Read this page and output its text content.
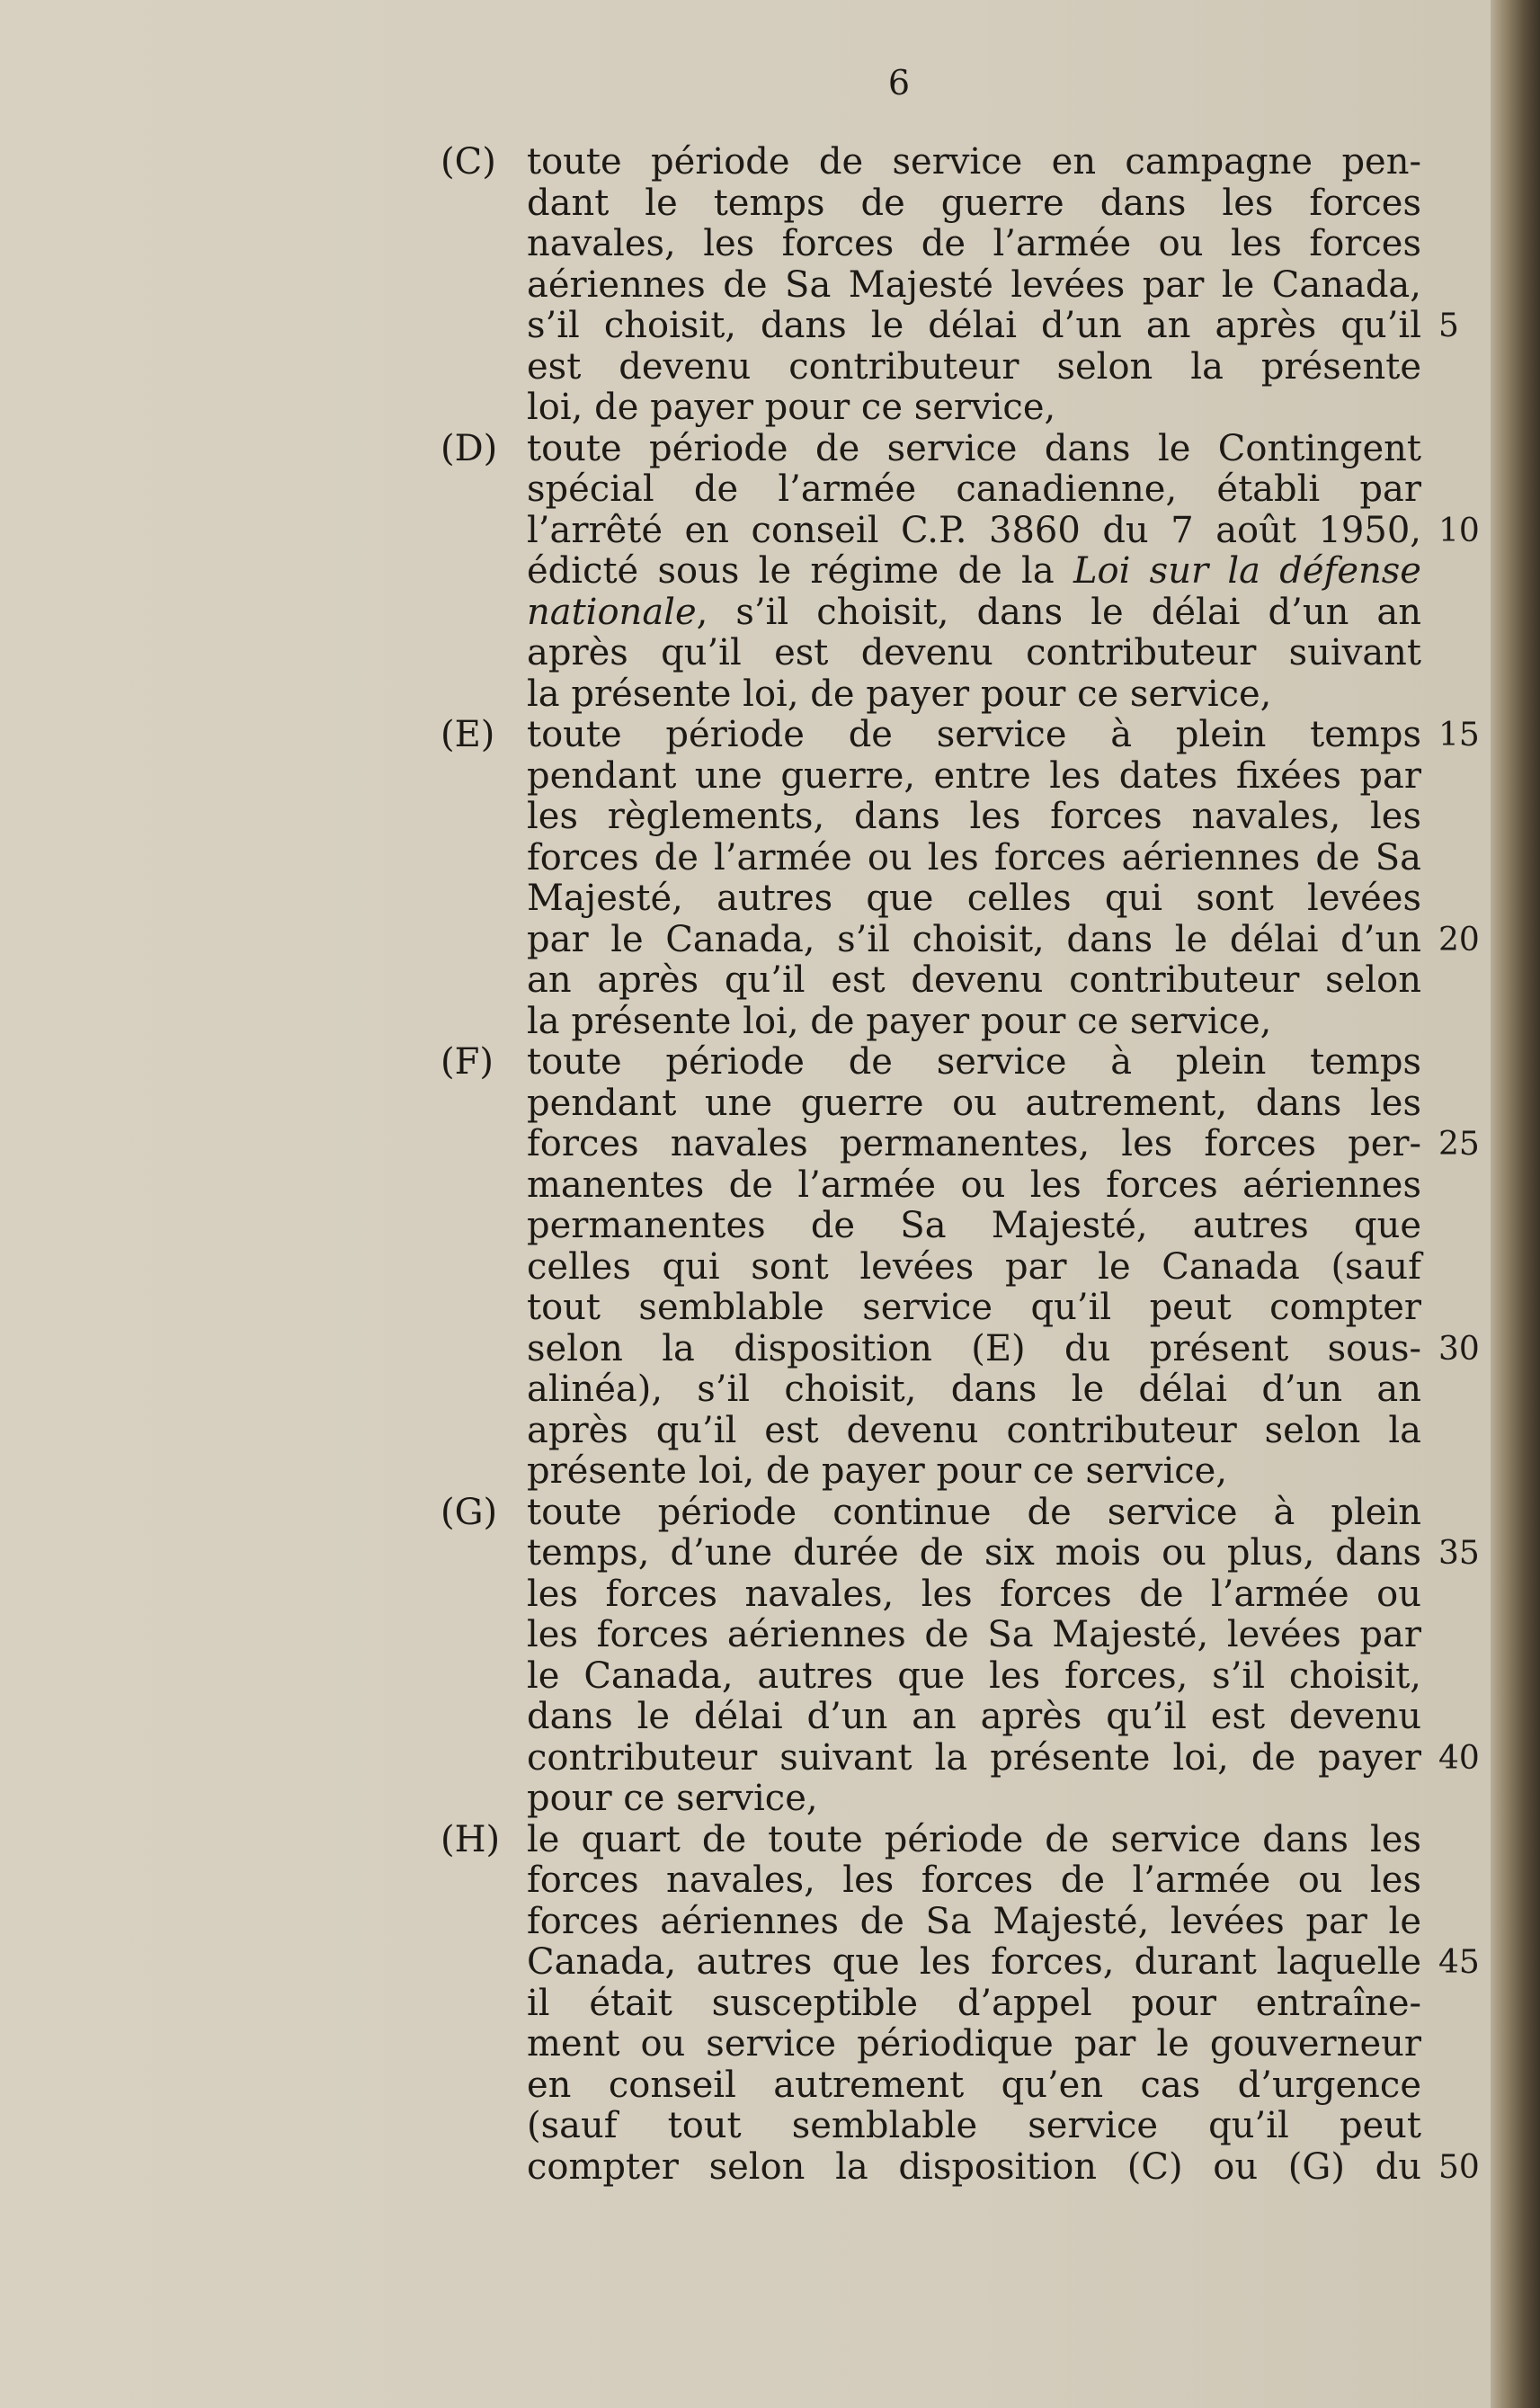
6
(C) toute période de service en campagne pen-
dant le temps de guerre dans les forces
navales, les forces de l’armée ou les forces
aériennes de Sa Majesté levées par le Canada,
s’il choisit, dans le délai d’un an après qu’il 5
est devenu contributeur selon la présente
loi, de payer pour ce service,
(D) toute période de service dans le Contingent
spécial de l’armée canadienne, établi par
l’arrêté en conseil C.P. 3860 du 7 août 1950, 10
édicté sous le régime de la Loi sur la défense
nationale, s’il choisit, dans le délai d’un an
après qu’il est devenu contributeur suivant
la présente loi, de payer pour ce service,
(E) toute période de service à plein temps 15
pendant une guerre, entre les dates fixées par
les règlements, dans les forces navales, les
forces de l’armée ou les forces aériennes de Sa
Majesté, autres que celles qui sont levées
par le Canada, s’il choisit, dans le délai d’un 20
an après qu’il est devenu contributeur selon
la présente loi, de payer pour ce service,
(F) toute période de service à plein temps
pendant une guerre ou autrement, dans les
forces navales permanentes, les forces per- 25
manentes de l’armée ou les forces aériennes
permanentes de Sa Majesté, autres que
celles qui sont levées par le Canada (sauf
tout semblable service qu’il peut compter
selon la disposition (E) du présent sous- 30
alinéa), s’il choisit, dans le délai d’un an
après qu’il est devenu contributeur selon la
présente loi, de payer pour ce service,
(G) toute période continue de service à plein
temps, d’une durée de six mois ou plus, dans 35
les forces navales, les forces de l’armée ou
les forces aériennes de Sa Majesté, levées par
le Canada, autres que les forces, s’il choisit,
dans le délai d’un an après qu’il est devenu
contributeur suivant la présente loi, de payer 40
pour ce service,
(H) le quart de toute période de service dans les
forces navales, les forces de l’armée ou les
forces aériennes de Sa Majesté, levées par le
Canada, autres que les forces, durant laquelle 45
il était susceptible d’appel pour entraîne-
ment ou service périodique par le gouverneur
en conseil autrement qu’en cas d’urgence
(sauf tout semblable service qu’il peut
compter selon la disposition (C) ou (G) du 50
